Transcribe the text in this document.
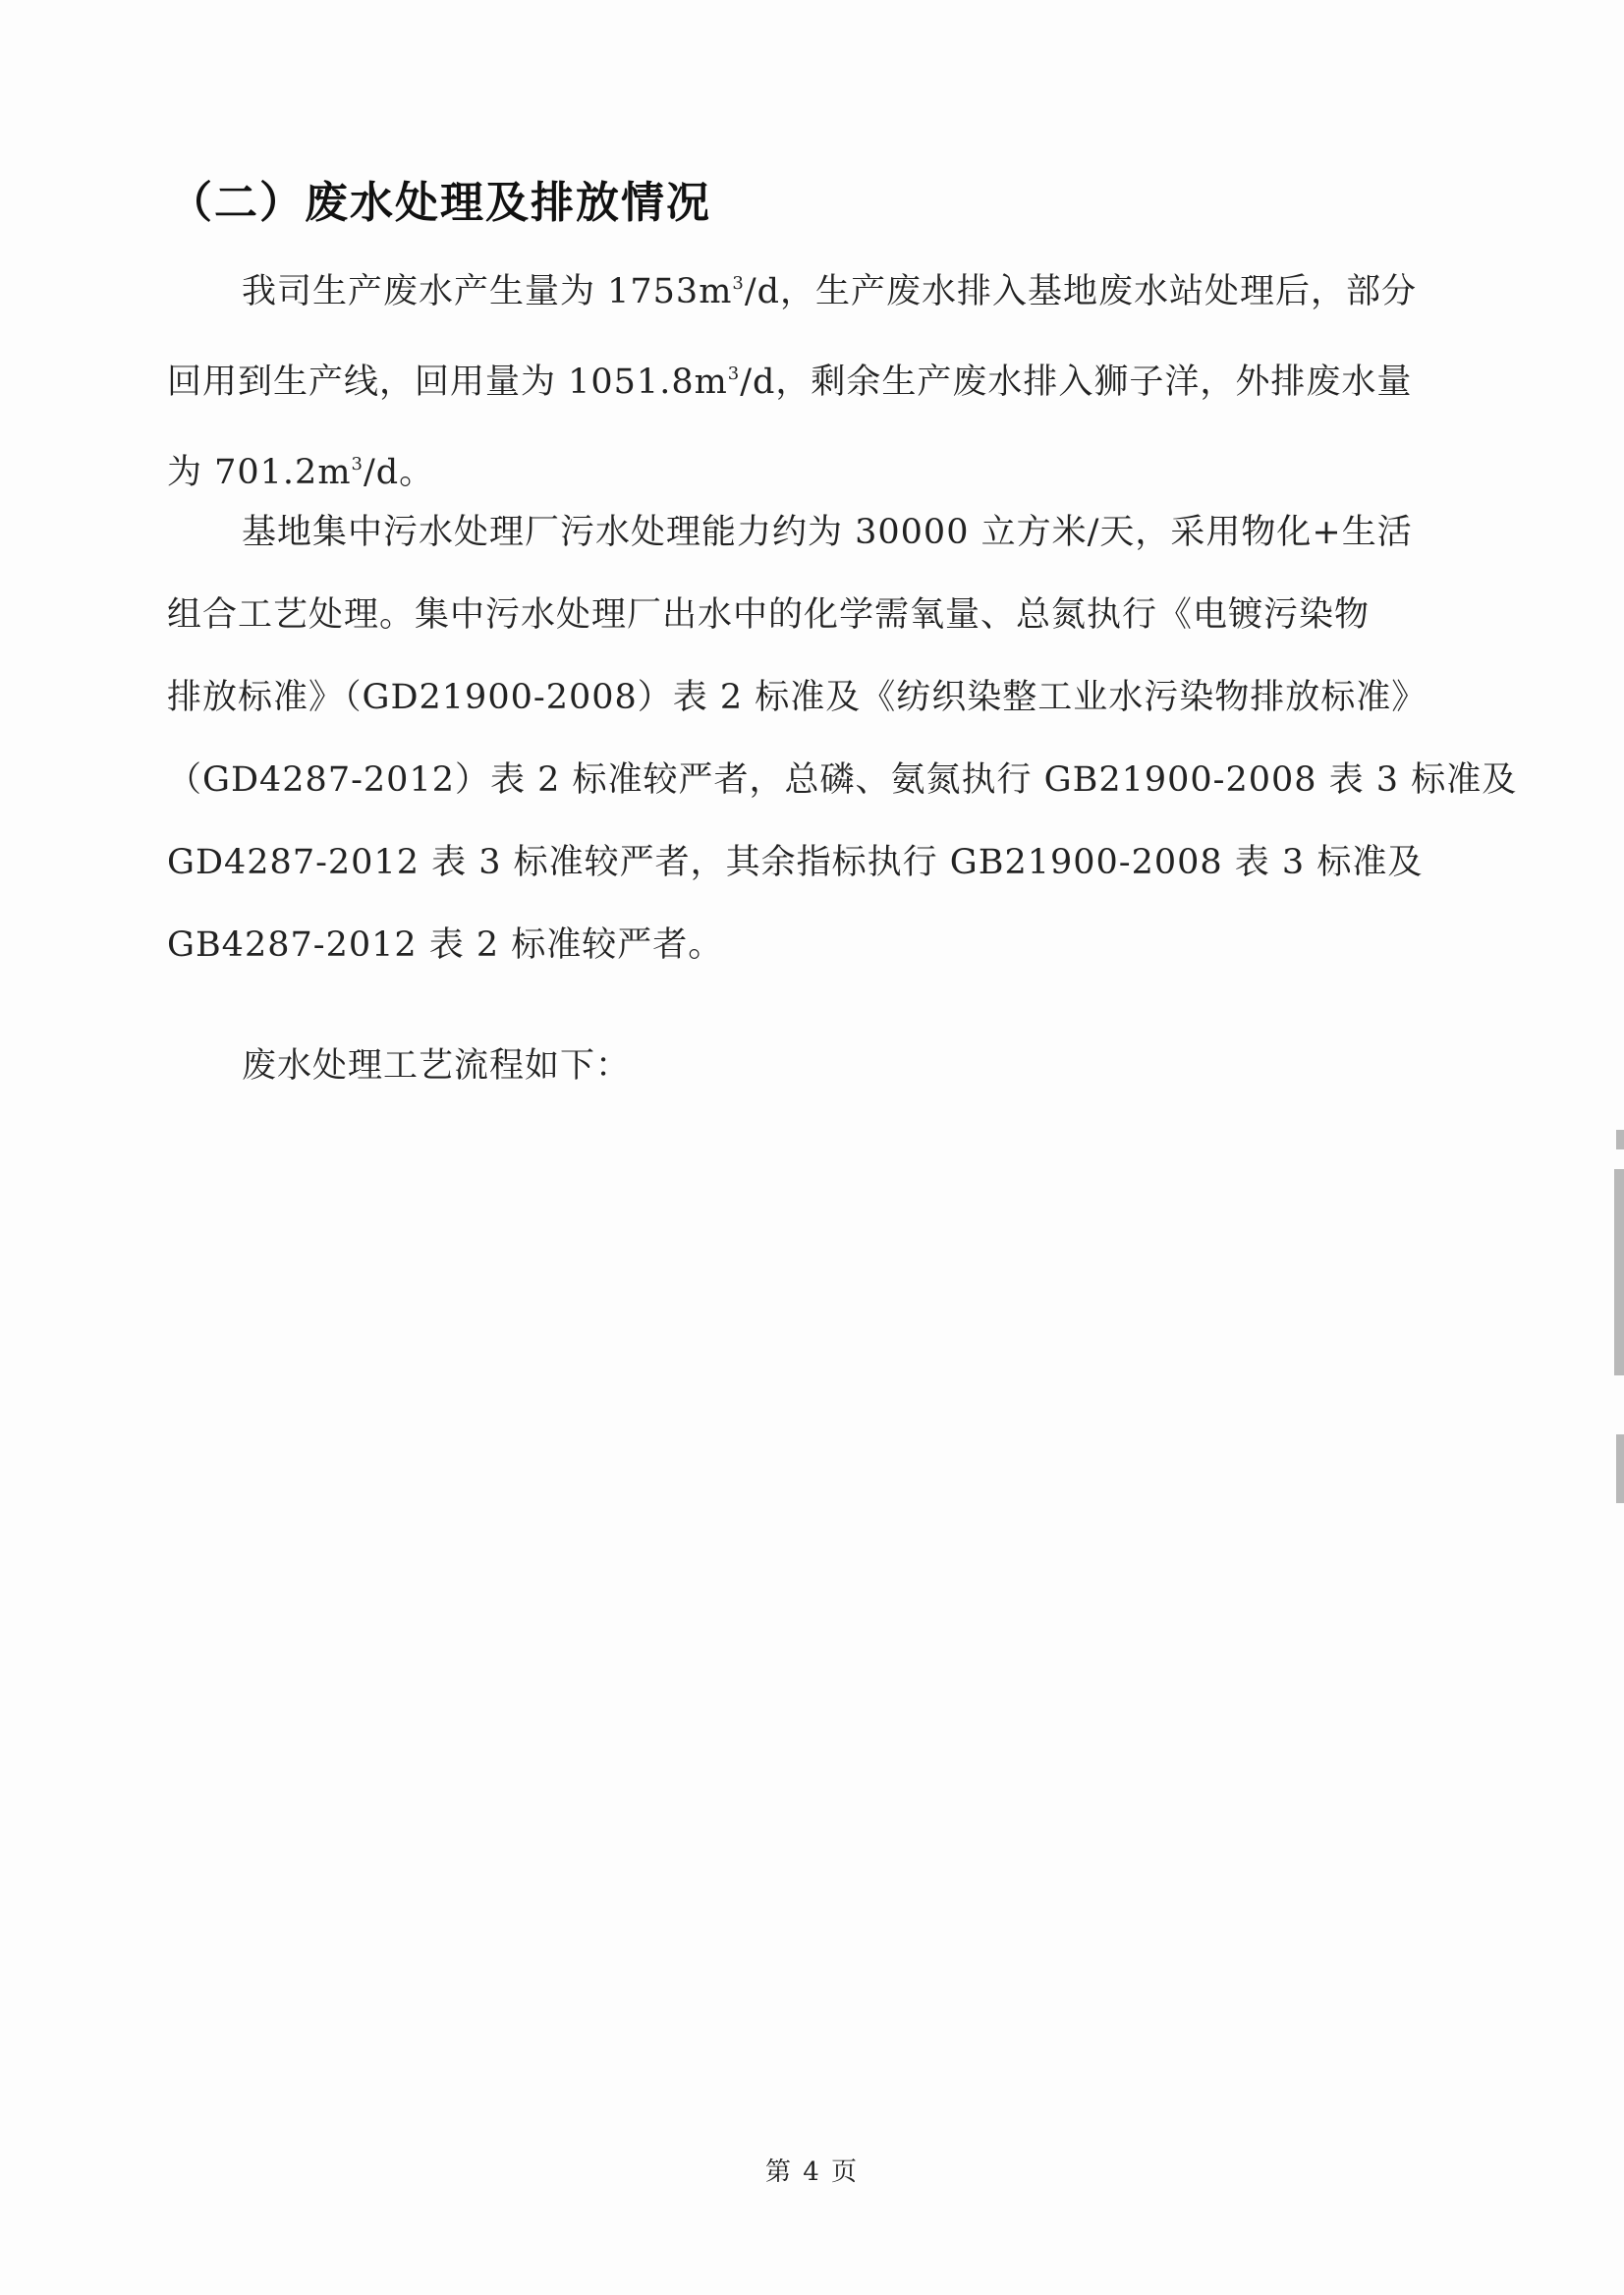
（二）废水处理及排放情况
我司生产废水产生量为 $1753m^3/d$，生产废水排入基地废水站处理后，部分
回用到生产线，回用量为 $1051.8m^3/d$，剩余生产废水排入狮子洋，外排废水量
为 $701.2m^3/d$。
基地集中污水处理厂污水处理能力约为 30000 立方米/天，采用物化+生活
组合工艺处理。集中污水处理厂出水中的化学需氧量、总氮执行《电镀污染物
排放标准》（GD21900-2008）表 2 标准及《纺织染整工业水污染物排放标准》
（GD4287-2012）表 2 标准较严者，总磷、氨氮执行 GB21900-2008 表 3 标准及
GD4287-2012 表 3 标准较严者，其余指标执行 GB21900-2008 表 3 标准及
GB4287-2012 表 2 标准较严者。
废水处理工艺流程如下：
第 4 页
